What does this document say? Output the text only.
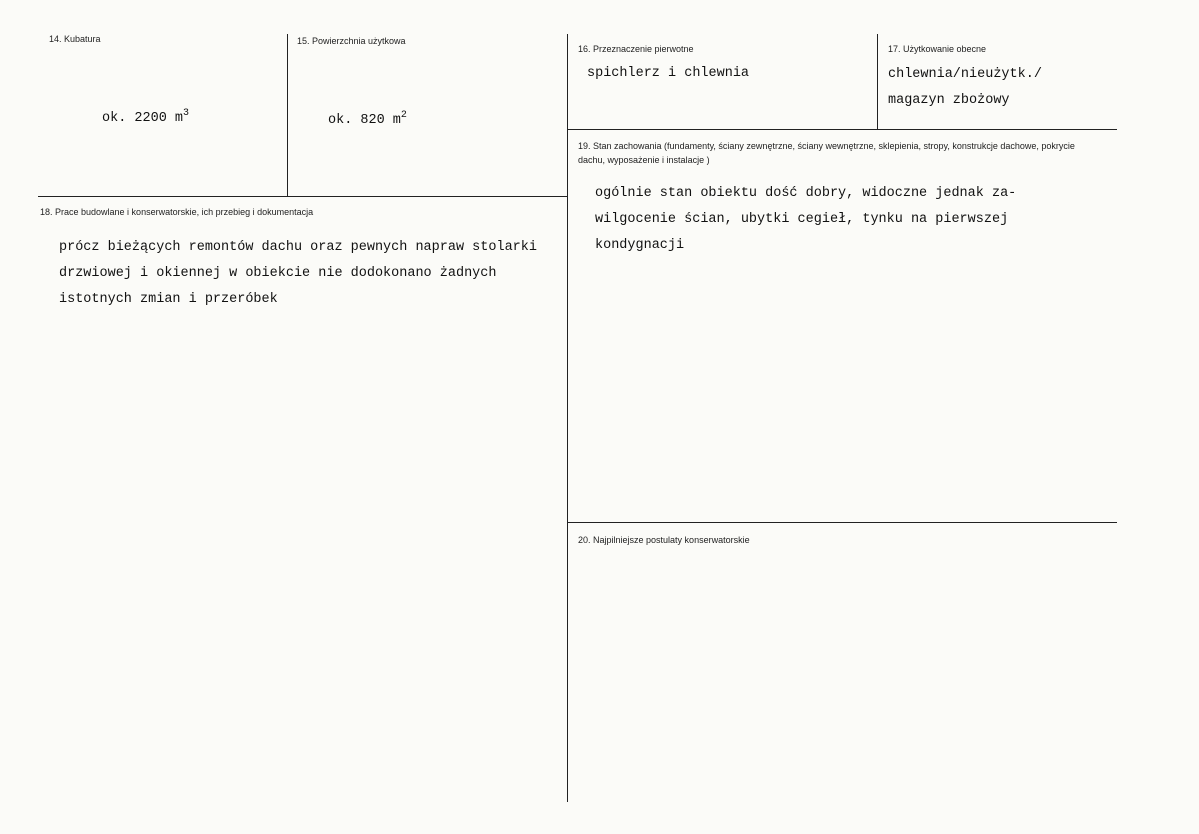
14. Kubatura
ok. 2200 $m^3$
15. Powierzchnia użytkowa
ok. 820 $m^2$
16. Przeznaczenie pierwotne
spichlerz i chlewnia
17. Użytkowanie obecne
chlewnia/nieużytk./
magazyn zbożowy
18. Prace budowlane i konserwatorskie, ich przebieg i dokumentacja
prócz bieżących remontów dachu oraz pewnych napraw stolarki
drzwiowej i okiennej w obiekcie nie dodokonano żadnych
istotnych zmian i przeróbek
19. Stan zachowania (fundamenty, ściany zewnętrzne, ściany wewnętrzne, sklepienia, stropy, konstrukcje dachowe, pokrycie dachu, wyposażenie i instalacje )
ogólnie stan obiektu dość dobry, widoczne jednak za-
wilgocenie ścian, ubytki cegieł, tynku na pierwszej
kondygnacji
20. Najpilniejsze postulaty konserwatorskie
